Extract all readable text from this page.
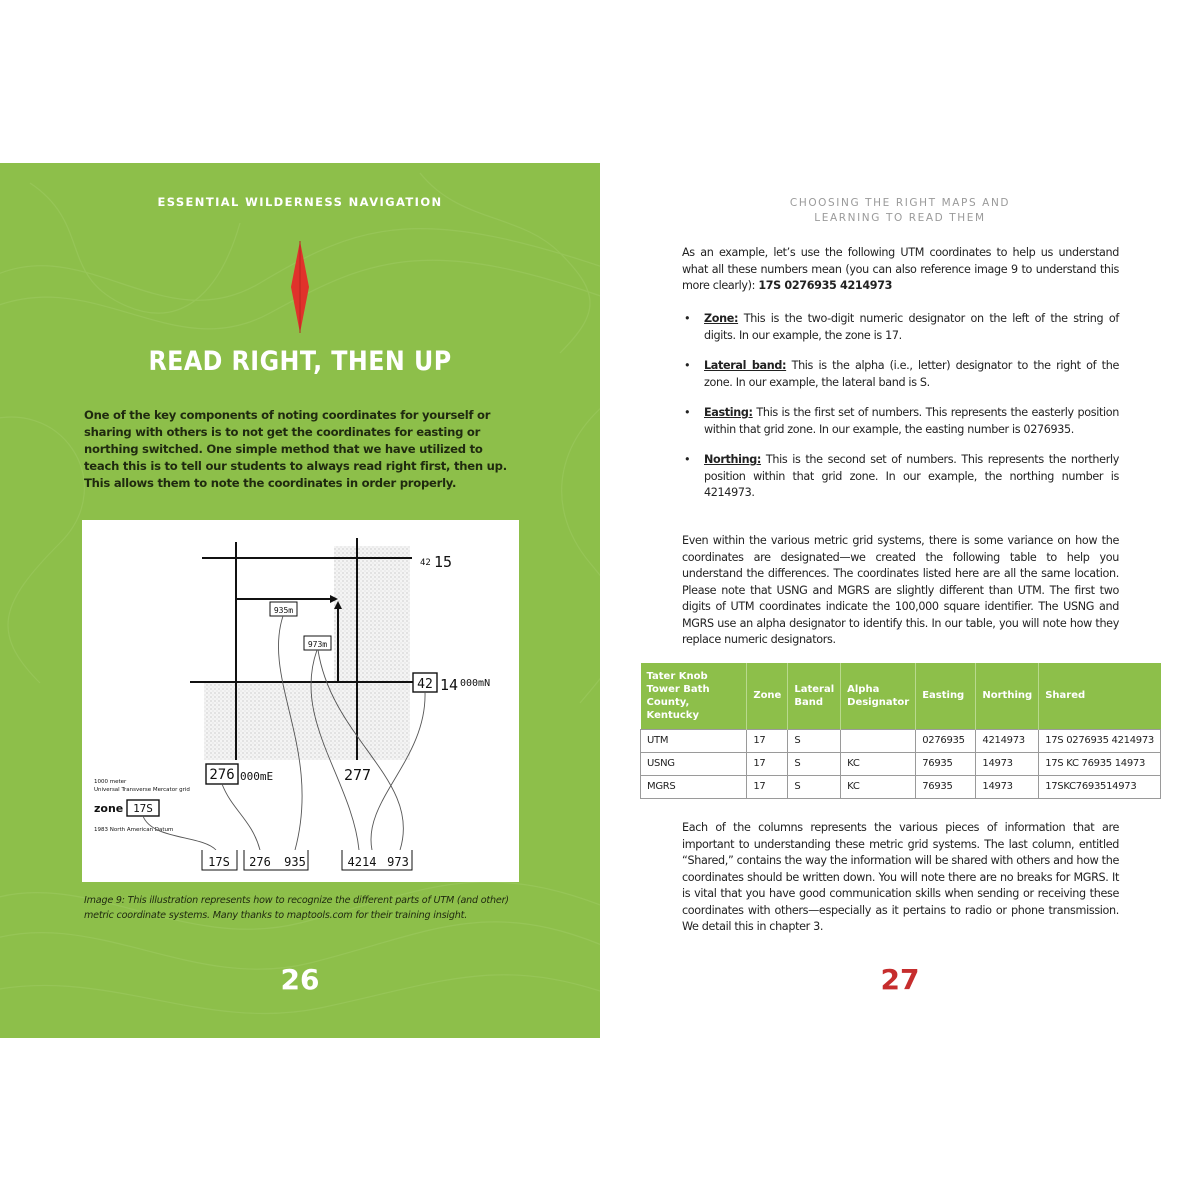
ESSENTIAL WILDERNESS NAVIGATION
READ RIGHT, THEN UP
One of the key components of noting coordinates for yourself or sharing with others is to not get the coordinates for easting or northing switched. One simple method that we have utilized to teach this is to tell our students to always read right first, then up. This allows them to note the coordinates in order properly.
935m
973m
42 15
42 14 000mN
276 000mE	277
1000 meter
Universal Transverse Mercator grid
zone 17S
1983 North American Datum
17S 276 935	4214 973
Image 9: This illustration represents how to recognize the different parts of UTM (and other) metric coordinate systems. Many thanks to maptools.com for their training insight.
26
CHOOSING THE RIGHT MAPS AND
LEARNING TO READ THEM
As an example, let’s use the following UTM coordinates to help us understand what all these numbers mean (you can also reference image 9 to understand this more clearly): 17S 0276935 4214973
• Zone: This is the two-digit numeric designator on the left of the string of digits. In our example, the zone is 17.
• Lateral band: This is the alpha (i.e., letter) designator to the right of the zone. In our example, the lateral band is S.
• Easting: This is the first set of numbers. This represents the easterly position within that grid zone. In our example, the easting number is 0276935.
• Northing: This is the second set of numbers. This represents the northerly position within that grid zone. In our example, the northing number is 4214973.
Even within the various metric grid systems, there is some variance on how the coordinates are designated—we created the following table to help you understand the differences. The coordinates listed here are all the same location. Please note that USNG and MGRS are slightly different than UTM. The first two digits of UTM coordinates indicate the 100,000 square identifier. The USNG and MGRS use an alpha designator to identify this. In our table, you will note how they replace numeric designators.
Tater Knob Tower Bath County, Kentucky	Zone	Lateral Band	Alpha Designator	Easting	Northing	Shared
UTM	17	S		0276935	4214973	17S 0276935 4214973
USNG	17	S	KC	76935	14973	17S KC 76935 14973
MGRS	17	S	KC	76935	14973	17SKC7693514973
Each of the columns represents the various pieces of information that are important to understanding these metric grid systems. The last column, entitled “Shared,” contains the way the information will be shared with others and how the coordinates should be written down. You will note there are no breaks for MGRS. It is vital that you have good communication skills when sending or receiving these coordinates with others—especially as it pertains to radio or phone transmission. We detail this in chapter 3.
27
